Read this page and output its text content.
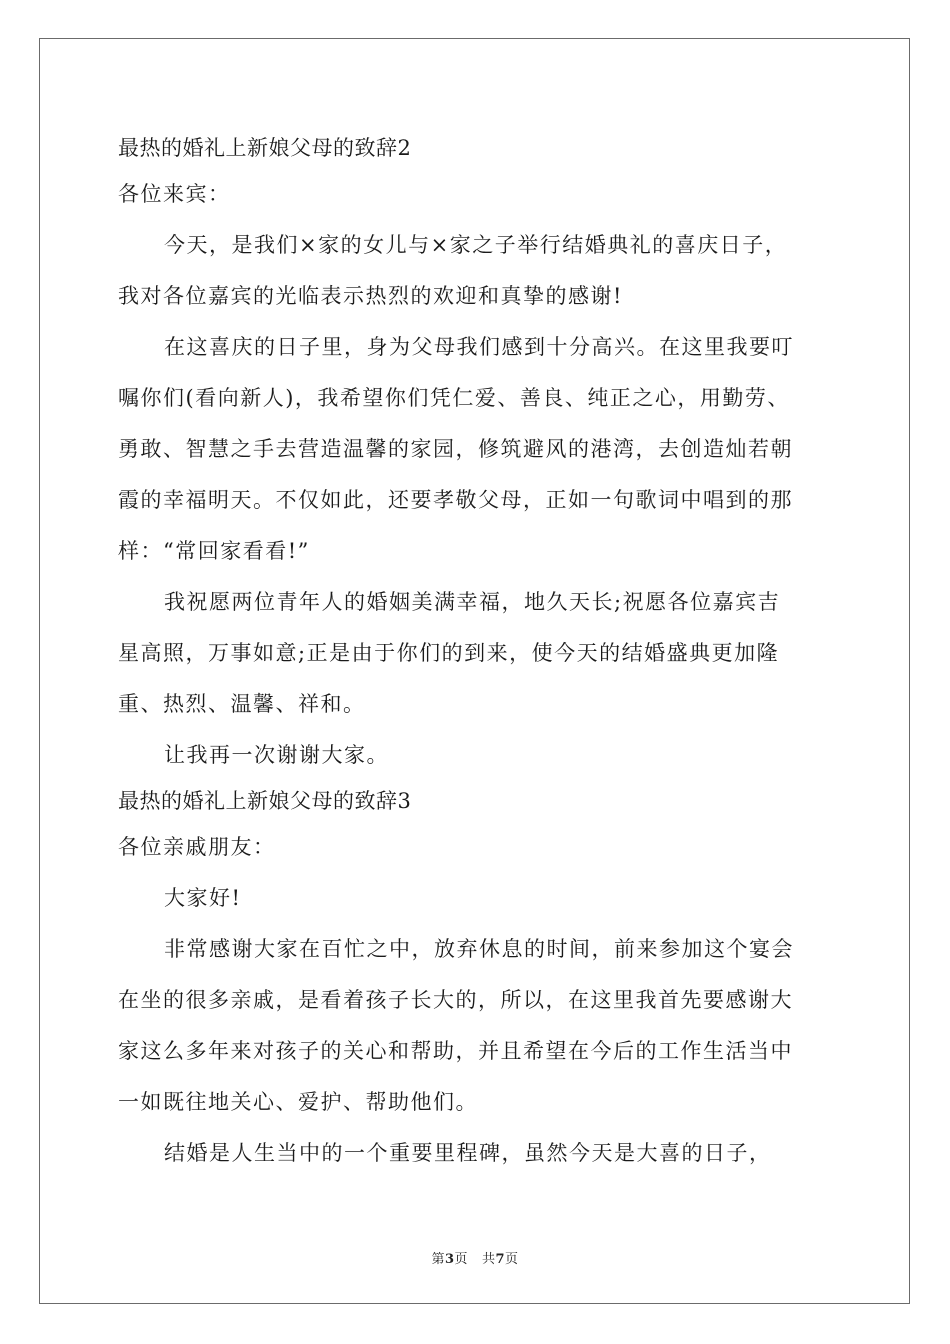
最热的婚礼上新娘父母的致辞2
各位来宾：
今天，是我们×家的女儿与×家之子举行结婚典礼的喜庆日子，
我对各位嘉宾的光临表示热烈的欢迎和真挚的感谢!
在这喜庆的日子里，身为父母我们感到十分高兴。在这里我要叮
嘱你们(看向新人)，我希望你们凭仁爱、善良、纯正之心，用勤劳、
勇敢、智慧之手去营造温馨的家园，修筑避风的港湾，去创造灿若朝
霞的幸福明天。不仅如此，还要孝敬父母，正如一句歌词中唱到的那
样：“常回家看看!”
我祝愿两位青年人的婚姻美满幸福，地久天长;祝愿各位嘉宾吉
星高照，万事如意;正是由于你们的到来，使今天的结婚盛典更加隆
重、热烈、温馨、祥和。
让我再一次谢谢大家。
最热的婚礼上新娘父母的致辞3
各位亲戚朋友：
大家好!
非常感谢大家在百忙之中，放弃休息的时间，前来参加这个宴会
在坐的很多亲戚，是看着孩子长大的，所以，在这里我首先要感谢大
家这么多年来对孩子的关心和帮助，并且希望在今后的工作生活当中
一如既往地关心、爱护、帮助他们。
结婚是人生当中的一个重要里程碑，虽然今天是大喜的日子，
第3页   共7页
